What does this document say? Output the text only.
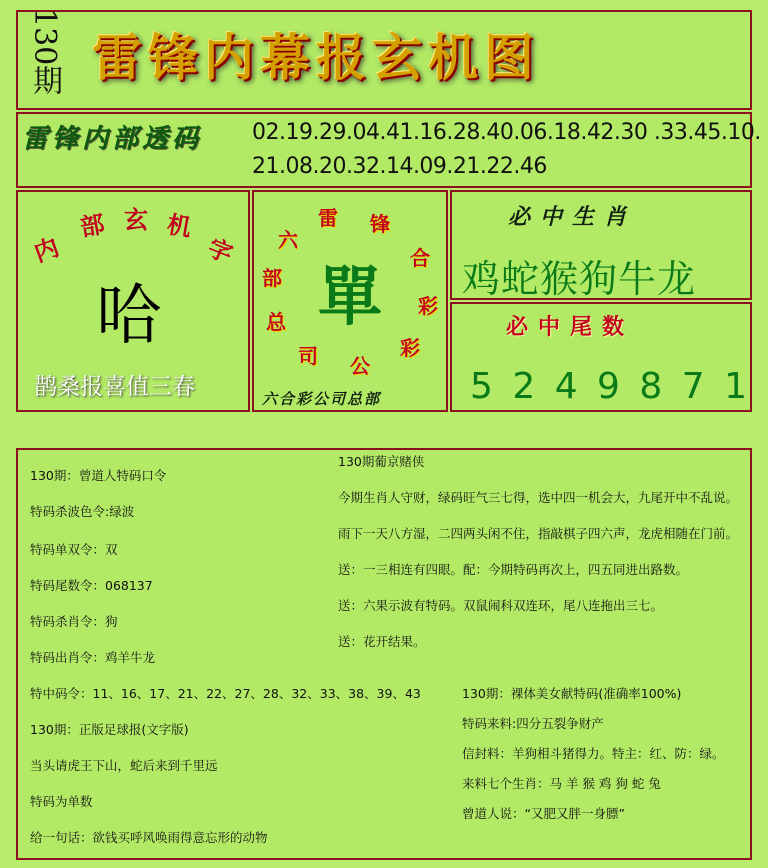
130期 雷锋内幕报玄机图
雷锋内部透码 02.19.29.04.41.16.28.40.06.18.42.30 .33.45.10.
21.08.20.32.14.09.21.22.46
内
部 玄 机
字
哈
鹊桑报喜值三春
雷 锋
合
彩
彩
公
司
总
部
六
單
六合彩公司总部
必中生肖
鸡蛇猴狗牛龙
必中尾数
5 2 4 9 8 7 1
130期：曾道人特码口令
特码杀波色令:绿波
特码单双令：双
特码尾数令：068137
特码杀肖令：狗
特码出肖令：鸡羊牛龙
130期葡京赌侠
今期生肖人守财，绿码旺气三七得，选中四一机会大，九尾开中不乱说。
雨下一天八方湿，二四两头闲不住，指敲棋子四六声，龙虎相随在门前。
送：一三相连有四眼。配：今期特码再次上，四五同进出路数。
送：六果示波有特码。双鼠闹科双连环，尾八连拖出三七。
送：花开结果。
特中码令：11、16、17、21、22、27、28、32、33、38、39、43
130期：正版足球报(文字版)
当头请虎王下山，蛇后来到千里远
特码为单数
给一句话：欲钱买呼风唤雨得意忘形的动物
130期：裸体美女献特码(准确率100%)
特码来料:四分五裂争财产
信封料：羊狗相斗猪得力。特主：红、防：绿。
来料七个生肖：马 羊 猴 鸡 狗 蛇 兔
曾道人说：“又肥又胖一身膘”
